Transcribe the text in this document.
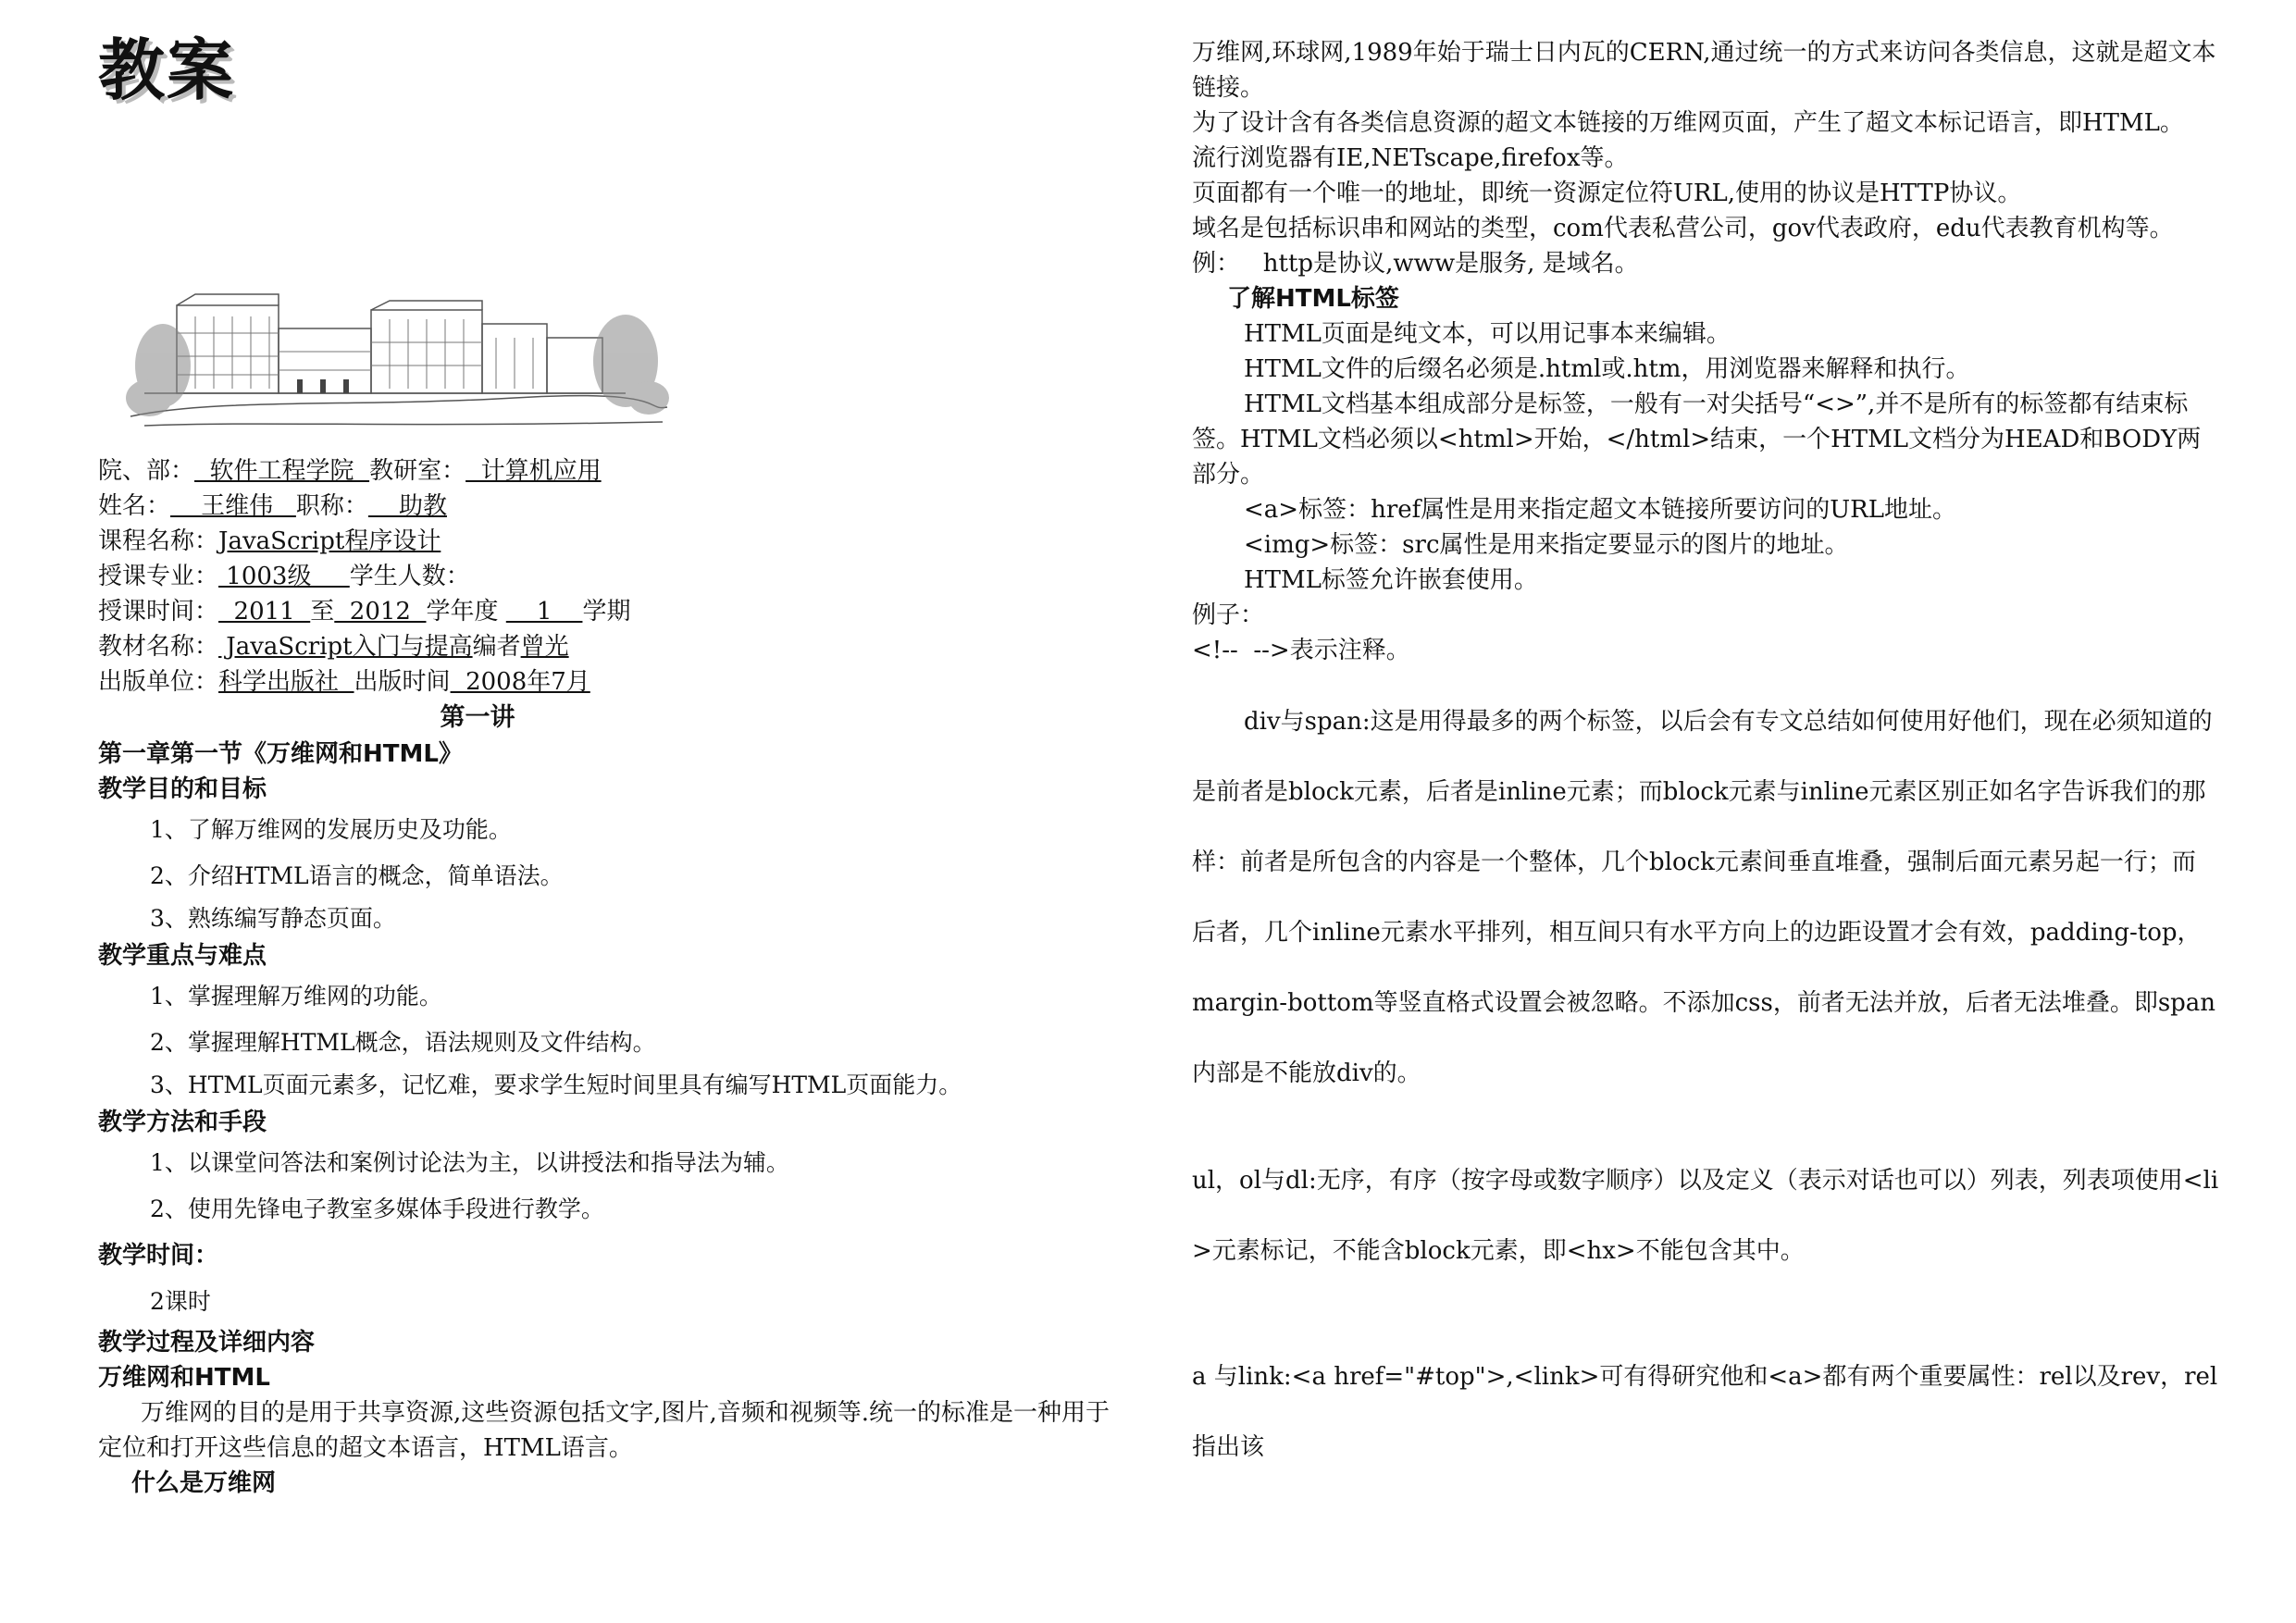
教案
院、部：  软件工程学院  教研室：  计算机应用
姓名：    王维伟   职称：    助教
课程名称：JavaScript程序设计
授课专业： 1003级     学生人数：
授课时间：  2011  至  2012  学年度     1    学期
教材名称： JavaScript入门与提高编者曾光
出版单位：科学出版社  出版时间  2008年7月
第一讲
第一章第一节《万维网和HTML》
教学目的和目标
1、了解万维网的发展历史及功能。
2、介绍HTML语言的概念，简单语法。
3、熟练编写静态页面。
教学重点与难点
1、掌握理解万维网的功能。
2、掌握理解HTML概念，语法规则及文件结构。
3、HTML页面元素多，记忆难，要求学生短时间里具有编写HTML页面能力。
教学方法和手段
1、以课堂问答法和案例讨论法为主，以讲授法和指导法为辅。
2、使用先锋电子教室多媒体手段进行教学。
教学时间：
2课时
教学过程及详细内容
万维网和HTML
万维网的目的是用于共享资源,这些资源包括文字,图片,音频和视频等.统一的标准是一种用于定位和打开这些信息的超文本语言，HTML语言。
什么是万维网
万维网,环球网,1989年始于瑞士日内瓦的CERN,通过统一的方式来访问各类信息，这就是超文本链接。
为了设计含有各类信息资源的超文本链接的万维网页面，产生了超文本标记语言，即HTML。
流行浏览器有IE,NETscape,firefox等。
页面都有一个唯一的地址，即统一资源定位符URL,使用的协议是HTTP协议。
域名是包括标识串和网站的类型，com代表私营公司，gov代表政府，edu代表教育机构等。
例：   http是协议,www是服务, 是域名。
了解HTML标签
HTML页面是纯文本，可以用记事本来编辑。
HTML文件的后缀名必须是.html或.htm，用浏览器来解释和执行。
HTML文档基本组成部分是标签，一般有一对尖括号“<>”,并不是所有的标签都有结束标签。HTML文档必须以<html>开始，</html>结束，一个HTML文档分为HEAD和BODY两部分。
<a>标签：href属性是用来指定超文本链接所要访问的URL地址。
<img>标签：src属性是用来指定要显示的图片的地址。
HTML标签允许嵌套使用。
例子：
<!--  -->表示注释。
div与span:这是用得最多的两个标签，以后会有专文总结如何使用好他们，现在必须知道的是前者是block元素，后者是inline元素；而block元素与inline元素区别正如名字告诉我们的那样：前者是所包含的内容是一个整体，几个block元素间垂直堆叠，强制后面元素另起一行；而后者，几个inline元素水平排列，相互间只有水平方向上的边距设置才会有效，padding-top，margin-bottom等竖直格式设置会被忽略。不添加css，前者无法并放，后者无法堆叠。即span内部是不能放div的。
ul，ol与dl:无序，有序（按字母或数字顺序）以及定义（表示对话也可以）列表，列表项使用<li>元素标记，不能含block元素，即<hx>不能包含其中。
a 与link:<a href="#top">,<link>可有得研究他和<a>都有两个重要属性：rel以及rev，rel指出该
